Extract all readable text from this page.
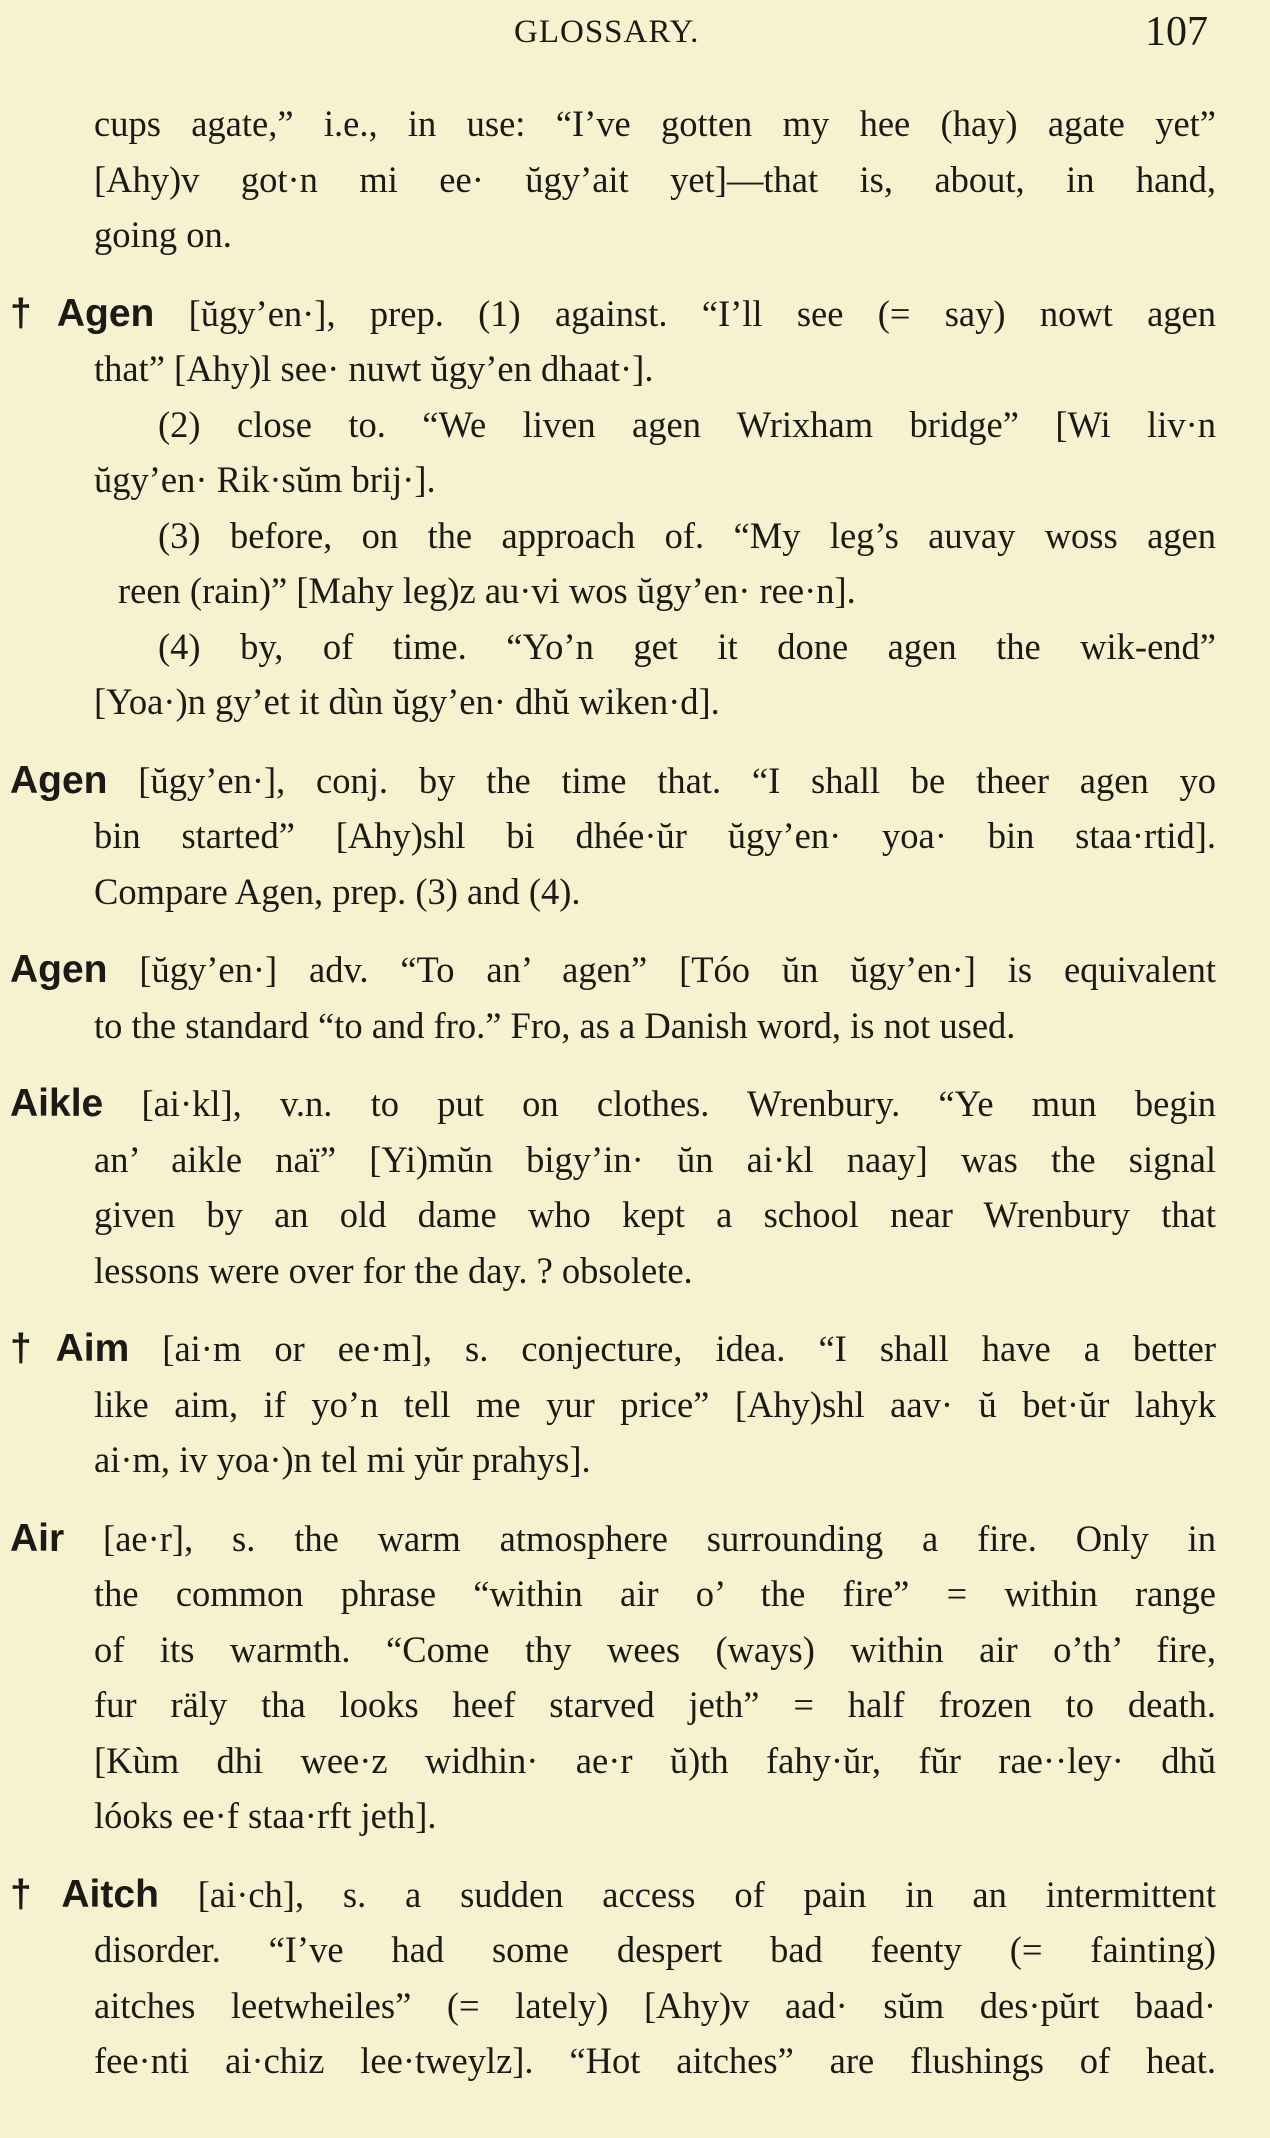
GLOSSARY.	107
cups agate,” i.e., in use: “I’ve gotten my hee (hay) agate yet”
[Ahy)v got·n mi ee· ŭgy’ait yet]—that is, about, in hand,
going on.
†Agen [ŭgy’en·], prep. (1) against. “I’ll see (= say) nowt agen
that” [Ahy)l see· nuwt ŭgy’en dhaat·].
(2) close to. “We liven agen Wrixham bridge” [Wi liv·n
ŭgy’en· Rik·sŭm brij·].
(3) before, on the approach of. “My leg’s auvay woss agen
reen (rain)” [Mahy leg)z au·vi wos ŭgy’en· ree·n].
(4) by, of time. “Yo’n get it done agen the wik-end”
[Yoa·)n gy’et it dùn ŭgy’en· dhŭ wiken·d].
Agen [ŭgy’en·], conj. by the time that. “I shall be theer agen yo
bin started” [Ahy)shl bi dhée·ŭr ŭgy’en· yoa· bin staa·rtid].
Compare Agen, prep. (3) and (4).
Agen [ŭgy’en·] adv. “To an’ agen” [Tóo ŭn ŭgy’en·] is equivalent
to the standard “to and fro.” Fro, as a Danish word, is not used.
Aikle [ai·kl], v.n. to put on clothes. Wrenbury. “Ye mun begin
an’ aikle naï” [Yi)mŭn bigy’in· ŭn ai·kl naay] was the signal
given by an old dame who kept a school near Wrenbury that
lessons were over for the day. ? obsolete.
†Aim [ai·m or ee·m], s. conjecture, idea. “I shall have a better
like aim, if yo’n tell me yur price” [Ahy)shl aav· ŭ bet·ŭr lahyk
ai·m, iv yoa·)n tel mi yŭr prahys].
Air [ae·r], s. the warm atmosphere surrounding a fire. Only in
the common phrase “within air o’ the fire” = within range
of its warmth. “Come thy wees (ways) within air o’th’ fire,
fur räly tha looks heef starved jeth” = half frozen to death.
[Kùm dhi wee·z widhin· ae·r ŭ)th fahy·ŭr, fŭr rae··ley· dhŭ
lóoks ee·f staa·rft jeth].
†Aitch [ai·ch], s. a sudden access of pain in an intermittent
disorder. “I’ve had some despert bad feenty (= fainting)
aitches leetwheiles” (= lately) [Ahy)v aad· sŭm des·pŭrt baad·
fee·nti ai·chiz lee·tweylz]. “Hot aitches” are flushings of heat.
